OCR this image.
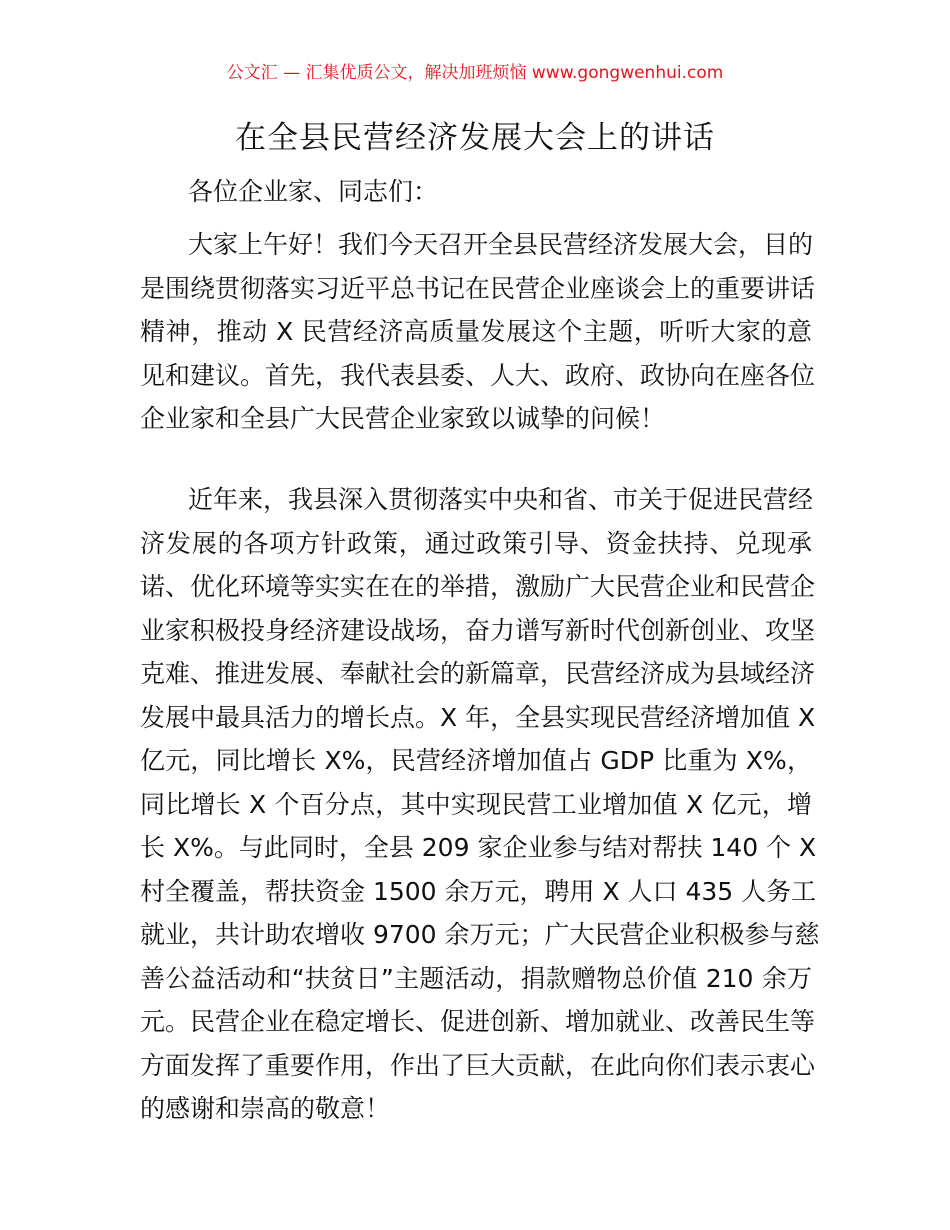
公文汇 — 汇集优质公文，解决加班烦恼 www.gongwenhui.com
在全县民营经济发展大会上的讲话
各位企业家、同志们：
大家上午好！我们今天召开全县民营经济发展大会，目的
是围绕贯彻落实习近平总书记在民营企业座谈会上的重要讲话
精神，推动 X 民营经济高质量发展这个主题，听听大家的意
见和建议。首先，我代表县委、人大、政府、政协向在座各位
企业家和全县广大民营企业家致以诚挚的问候！
近年来，我县深入贯彻落实中央和省、市关于促进民营经
济发展的各项方针政策，通过政策引导、资金扶持、兑现承
诺、优化环境等实实在在的举措，激励广大民营企业和民营企
业家积极投身经济建设战场，奋力谱写新时代创新创业、攻坚
克难、推进发展、奉献社会的新篇章，民营经济成为县域经济
发展中最具活力的增长点。X 年，全县实现民营经济增加值 X
亿元，同比增长 X%，民营经济增加值占 GDP 比重为 X%，
同比增长 X 个百分点，其中实现民营工业增加值 X 亿元，增
长 X%。与此同时，全县 209 家企业参与结对帮扶 140 个 X
村全覆盖，帮扶资金 1500 余万元，聘用 X 人口 435 人务工
就业，共计助农增收 9700 余万元；广大民营企业积极参与慈
善公益活动和“扶贫日”主题活动，捐款赠物总价值 210 余万
元。民营企业在稳定增长、促进创新、增加就业、改善民生等
方面发挥了重要作用，作出了巨大贡献，在此向你们表示衷心
的感谢和崇高的敬意！
